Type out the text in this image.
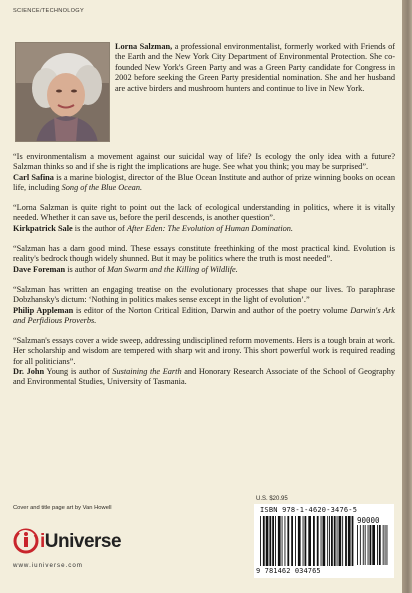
SCIENCE/TECHNOLOGY
Lorna Salzman, a professional environmentalist, formerly worked with Friends of the Earth and the New York City Department of Environmental Protection. She co-founded New York's Green Party and was a Green Party candidate for Congress in 2002 before seeking the Green Party presidential nomination. She and her husband are active birders and mushroom hunters and continue to live in New York.

“Is environmentalism a movement against our suicidal way of life? Is ecology the only idea with a future? Salzman thinks so and if she is right the implications are huge. See what you think; you may be surprised”.
Carl Safina is a marine biologist, director of the Blue Ocean Institute and author of prize winning books on ocean life, including Song of the Blue Ocean.

“Lorna Salzman is quite right to point out the lack of ecological understanding in politics, where it is vitally needed. Whether it can save us, before the peril descends, is another question”.
Kirkpatrick Sale is the author of After Eden: The Evolution of Human Domination.

“Salzman has a darn good mind. These essays constitute freethinking of the most practical kind. Evolution is reality's bedrock though widely shunned. But it may be politics where the truth is most needed”.
Dave Foreman is author of Man Swarm and the Killing of Wildlife.

“Salzman has written an engaging treatise on the evolutionary processes that shape our lives. To paraphrase Dobzhansky's dictum: ‘Nothing in politics makes sense except in the light of evolution’.”
Philip Appleman is editor of the Norton Critical Edition, Darwin and author of the poetry volume Darwin's Ark and Perfidious Proverbs.

“Salzman's essays cover a wide sweep, addressing undisciplined reform movements. Hers is a tough brain at work. Her scholarship and wisdom are tempered with sharp wit and irony. This short powerful work is required reading for all politicians”.
Dr. John Young is author of Sustaining the Earth and Honorary Research Associate of the School of Geography and Environmental Studies, University of Tasmania.

Cover and title page art by Van Howell
iUniverse
www.iuniverse.com
U.S. $20.95
ISBN 978-1-4620-3476-5
90000
9 781462 034765
